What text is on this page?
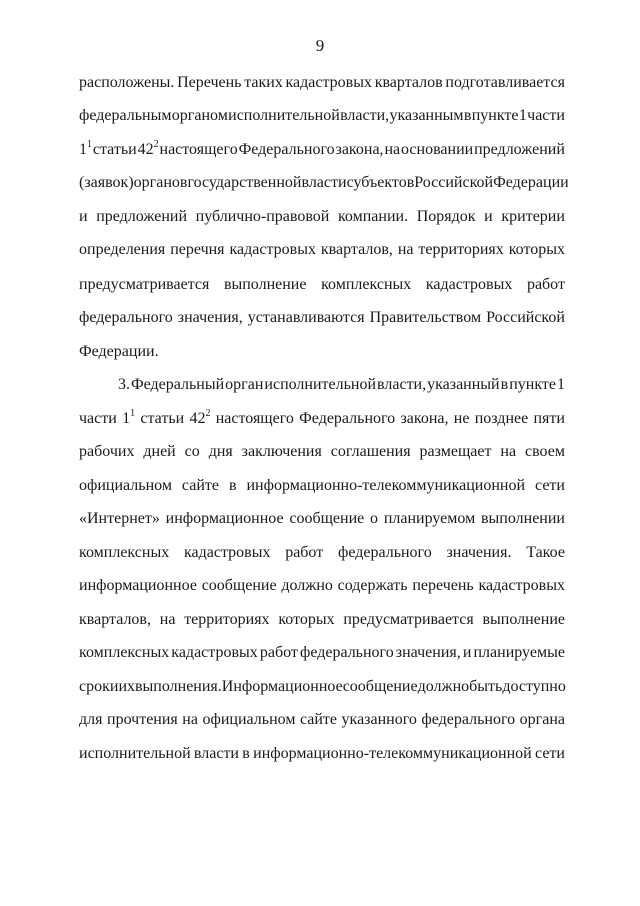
9
расположены. Перечень таких кадастровых кварталов подготавливается
федеральным органом исполнительной власти, указанным в пункте 1 части
$1^1$ статьи $42^2$ настоящего Федерального закона, на основании предложений
(заявок) органов государственной власти субъектов Российской Федерации
и предложений публично-правовой компании. Порядок и критерии
определения перечня кадастровых кварталов, на территориях которых
предусматривается выполнение комплексных кадастровых работ
федерального значения, устанавливаются Правительством Российской
Федерации.
3. Федеральный орган исполнительной власти, указанный в пункте 1
части $1^1$ статьи $42^2$ настоящего Федерального закона, не позднее пяти
рабочих дней со дня заключения соглашения размещает на своем
официальном сайте в информационно-телекоммуникационной сети
«Интернет» информационное сообщение о планируемом выполнении
комплексных кадастровых работ федерального значения. Такое
информационное сообщение должно содержать перечень кадастровых
кварталов, на территориях которых предусматривается выполнение
комплексных кадастровых работ федерального значения, и планируемые
сроки их выполнения. Информационное сообщение должно быть доступно
для прочтения на официальном сайте указанного федерального органа
исполнительной власти в информационно-телекоммуникационной сети
